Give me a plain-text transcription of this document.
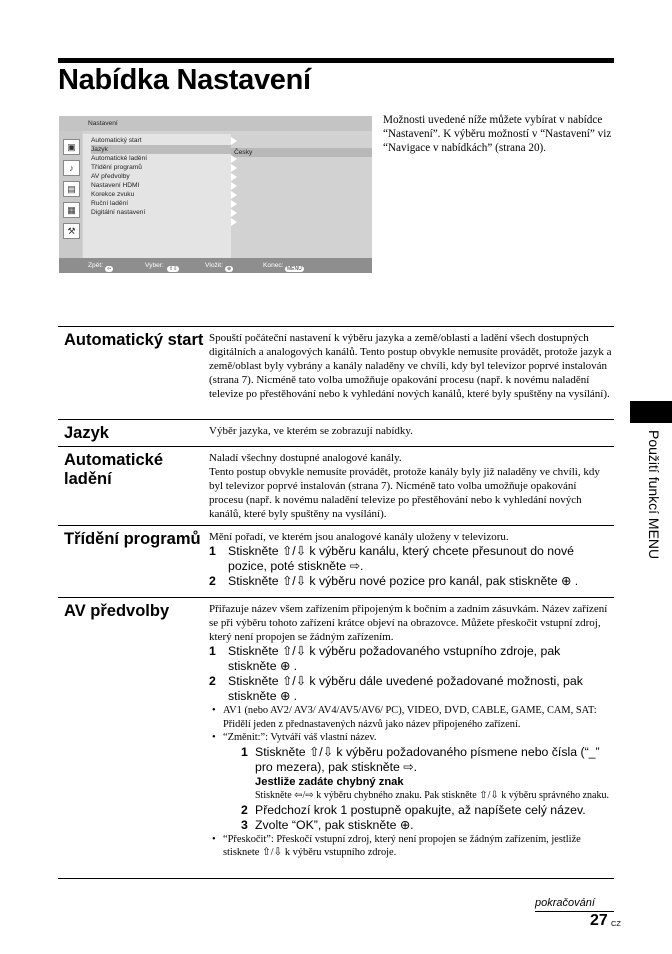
Nabídka Nastavení
Možnosti uvedené níže můžete vybírat v nabídce “Nastavení”. K výběru možností v “Nastavení” viz “Navigace v nabídkách” (strana 20).
Nastavení
▣
♪
▤
▦
⚒
Automatický start
Jazyk
Automatické ladění
Třídění programů
AV předvolby
Nastavení HDMI
Korekce zvuku
Ruční ladění
Digitální nastavení
Česky
Zpět: ⇦	Vyber:	⇧⇩	Vložit: ⊕	Konec: MENU
Automatický start Spouští počáteční nastavení k výběru jazyka a země/oblasti a ladění všech dostupných digitálních a analogových kanálů. Tento postup obvykle nemusíte provádět, protože jazyk a země/oblast byly vybrány a kanály naladěny ve chvíli, kdy byl televizor poprvé instalován (strana 7). Nicméně tato volba umožňuje opakování procesu (např. k novému naladění televize po přestěhování nebo k vyhledání nových kanálů, které byly spuštěny na vysílání).
Jazyk	Výběr jazyka, ve kterém se zobrazují nabídky.
Automatické ladění
Naladí všechny dostupné analogové kanály.
Tento postup obvykle nemusíte provádět, protože kanály byly již naladěny ve chvíli, kdy byl televizor poprvé instalován (strana 7). Nicméně tato volba umožňuje opakování procesu (např. k novému naladění televize po přestěhování nebo k vyhledání nových kanálů, které byly spuštěny na vysílání).
Třídění programů Mění pořadí, ve kterém jsou analogové kanály uloženy v televizoru.
1 Stiskněte ⇧/⇩ k výběru kanálu, který chcete přesunout do nové pozice, poté stiskněte ⇨.
2 Stiskněte ⇧/⇩ k výběru nové pozice pro kanál, pak stiskněte ⊕ .
AV předvolby	Přiřazuje název všem zařízením připojeným k bočním a zadním zásuvkám. Název zařízení se při výběru tohoto zařízení krátce objeví na obrazovce. Můžete přeskočit vstupní zdroj, který není propojen se žádným zařízením.
1 Stiskněte ⇧/⇩ k výběru požadovaného vstupního zdroje, pak stiskněte ⊕ .
2 Stiskněte ⇧/⇩ k výběru dále uvedené požadované možnosti, pak stiskněte ⊕ .
• AV1 (nebo AV2/ AV3/ AV4/AV5/AV6/ PC), VIDEO, DVD, CABLE, GAME, CAM, SAT: Přidělí jeden z přednastavených názvů jako název připojeného zařízení.
• “Změnit:”: Vytváří váš vlastní název.
1 Stiskněte ⇧/⇩ k výběru požadovaného písmene nebo čísla (“_” pro mezera), pak stiskněte ⇨.
Jestliže zadáte chybný znak
Stiskněte ⇦/⇨ k výběru chybného znaku. Pak stiskněte ⇧/⇩ k výběru správného znaku.
2 Předchozí krok 1 postupně opakujte, až napíšete celý název.
3 Zvolte “OK”, pak stiskněte ⊕.
• “Přeskočit”: Přeskočí vstupní zdroj, který není propojen se žádným zařízením, jestliže stisknete ⇧/⇩ k výběru vstupního zdroje.
Použití funkcí MENU
pokračování
27 CZ
